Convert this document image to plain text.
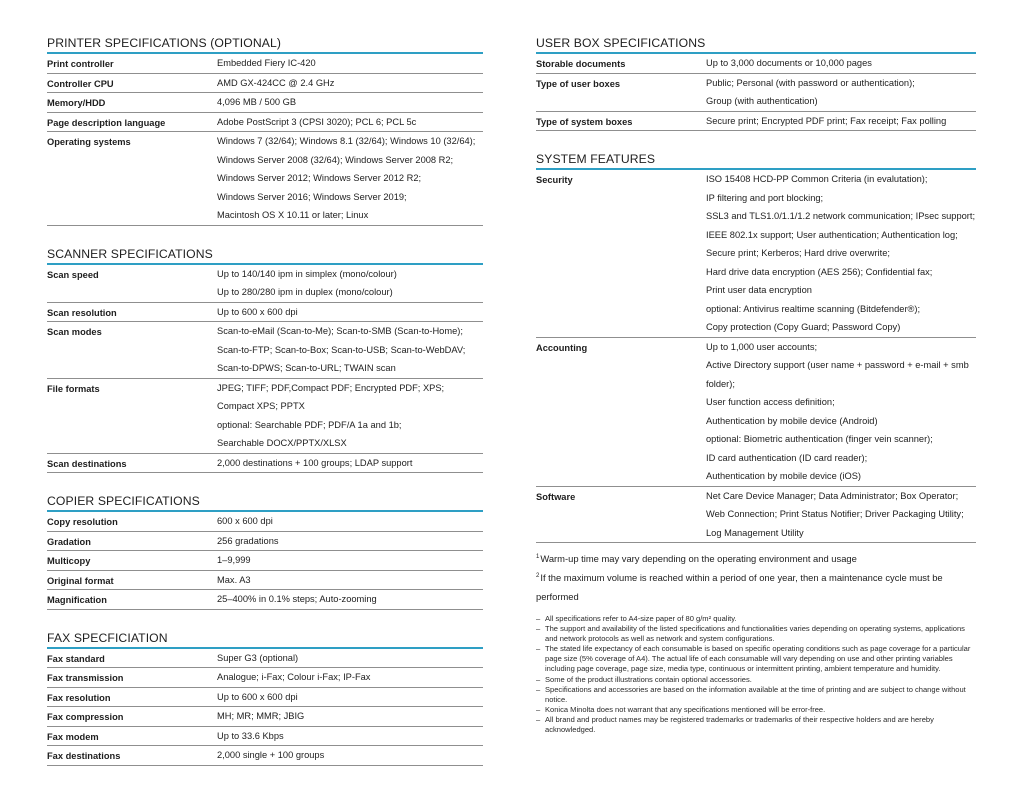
PRINTER SPECIFICATIONS (OPTIONAL)
Print controller	Embedded Fiery IC-420
Controller CPU	AMD GX-424CC @ 2.4 GHz
Memory/HDD	4,096 MB / 500 GB
Page description language	Adobe PostScript 3 (CPSI 3020); PCL 6; PCL 5c
Operating systems	Windows 7 (32/64); Windows 8.1 (32/64); Windows 10 (32/64);
Windows Server 2008 (32/64); Windows Server 2008 R2;
Windows Server 2012; Windows Server 2012 R2;
Windows Server 2016; Windows Server 2019;
Macintosh OS X 10.11 or later; Linux
SCANNER SPECIFICATIONS
Scan speed	Up to 140/140 ipm in simplex (mono/colour)
Up to 280/280 ipm in duplex (mono/colour)
Scan resolution	Up to 600 x 600 dpi
Scan modes	Scan-to-eMail (Scan-to-Me); Scan-to-SMB (Scan-to-Home);
Scan-to-FTP; Scan-to-Box; Scan-to-USB; Scan-to-WebDAV;
Scan-to-DPWS; Scan-to-URL; TWAIN scan
File formats	JPEG; TIFF; PDF,Compact PDF; Encrypted PDF; XPS;
Compact XPS; PPTX
optional: Searchable PDF; PDF/A 1a and 1b;
Searchable DOCX/PPTX/XLSX
Scan destinations	2,000 destinations + 100 groups; LDAP support
COPIER SPECIFICATIONS
Copy resolution	600 x 600 dpi
Gradation	256 gradations
Multicopy	1–9,999
Original format	Max. A3
Magnification	25–400% in 0.1% steps; Auto-zooming
FAX SPECFICIATION
Fax standard	Super G3 (optional)
Fax transmission	Analogue; i-Fax; Colour i-Fax; IP-Fax
Fax resolution	Up to 600 x 600 dpi
Fax compression	MH; MR; MMR; JBIG
Fax modem	Up to 33.6 Kbps
Fax destinations	2,000 single + 100 groups
USER BOX SPECIFICATIONS
Storable documents	Up to 3,000 documents or 10,000 pages
Type of user boxes	Public; Personal (with password or authentication);
Group (with authentication)
Type of system boxes	Secure print; Encrypted PDF print; Fax receipt; Fax polling
SYSTEM FEATURES
Security	ISO 15408 HCD-PP Common Criteria (in evalutation);
IP filtering and port blocking;
SSL3 and TLS1.0/1.1/1.2 network communication; IPsec support;
IEEE 802.1x support; User authentication; Authentication log;
Secure print; Kerberos; Hard drive overwrite;
Hard drive data encryption (AES 256); Confidential fax;
Print user data encryption
optional: Antivirus realtime scanning (Bitdefender®);
Copy protection (Copy Guard; Password Copy)
Accounting	Up to 1,000 user accounts;
Active Directory support (user name + password + e-mail + smb folder);
User function access definition;
Authentication by mobile device (Android)
optional: Biometric authentication (finger vein scanner);
ID card authentication (ID card reader);
Authentication by mobile device (iOS)
Software	Net Care Device Manager; Data Administrator; Box Operator;
Web Connection; Print Status Notifier; Driver Packaging Utility;
Log Management Utility
$^1$Warm-up time may vary depending on the operating environment and usage
$^2$If the maximum volume is reached within a period of one year, then a maintenance cycle must be
performed
– All specifications refer to A4-size paper of 80 g/m² quality.
– The support and availability of the listed specifications and functionalities varies depending on operating systems, applications and network protocols as well as network and system configurations.
– The stated life expectancy of each consumable is based on specific operating conditions such as page coverage for a particular page size (5% coverage of A4). The actual life of each consumable will vary depending on use and other printing variables including page coverage, page size, media type, continuous or intermittent printing, ambient temperature and humidity.
– Some of the product illustrations contain optional accessories.
– Specifications and accessories are based on the information available at the time of printing and are subject to change without notice.
– Konica Minolta does not warrant that any specifications mentioned will be error-free.
– All brand and product names may be registered trademarks or trademarks of their respective holders and are hereby acknowledged.
